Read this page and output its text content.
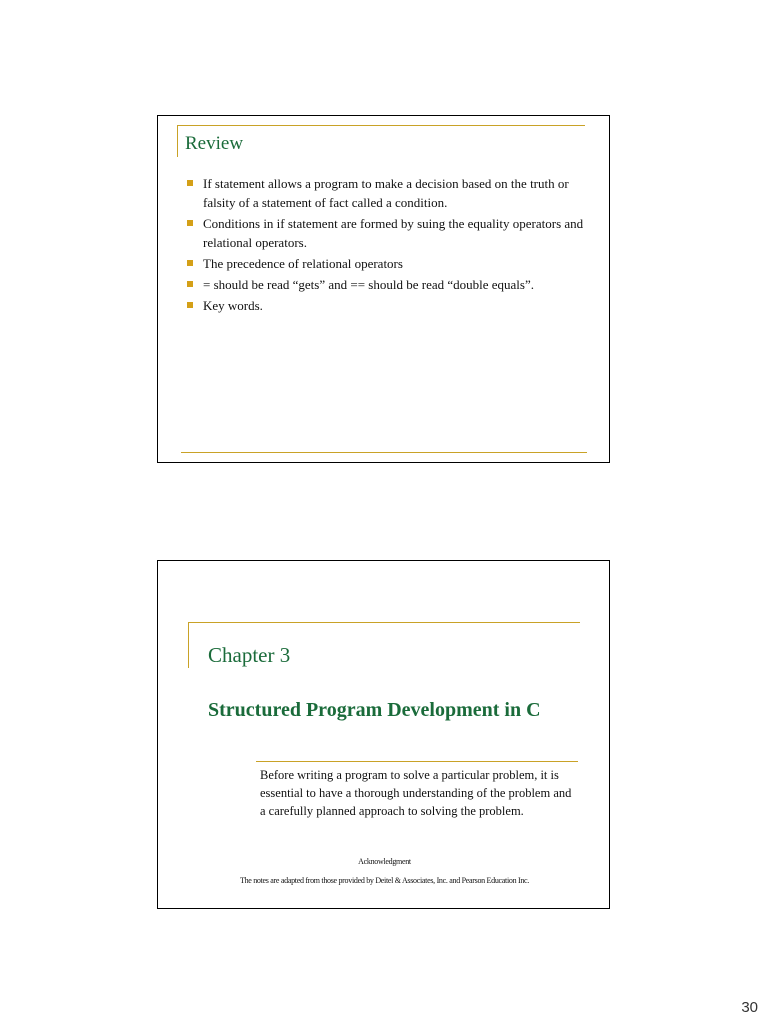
Review
If statement allows a program to make a decision based on the truth or falsity of a statement of fact called a condition.
Conditions in if statement are formed by suing the equality operators and relational operators.
The precedence of relational operators
= should be read “gets” and == should be read “double equals”.
Key words.
Chapter 3
Structured Program Development in C
Before writing a program to solve a particular problem, it is essential to have a thorough understanding of the problem and a carefully planned approach to solving the problem.
Acknowledgment
The notes are adapted from those provided by Deitel & Associates, Inc. and Pearson Education Inc.
30
